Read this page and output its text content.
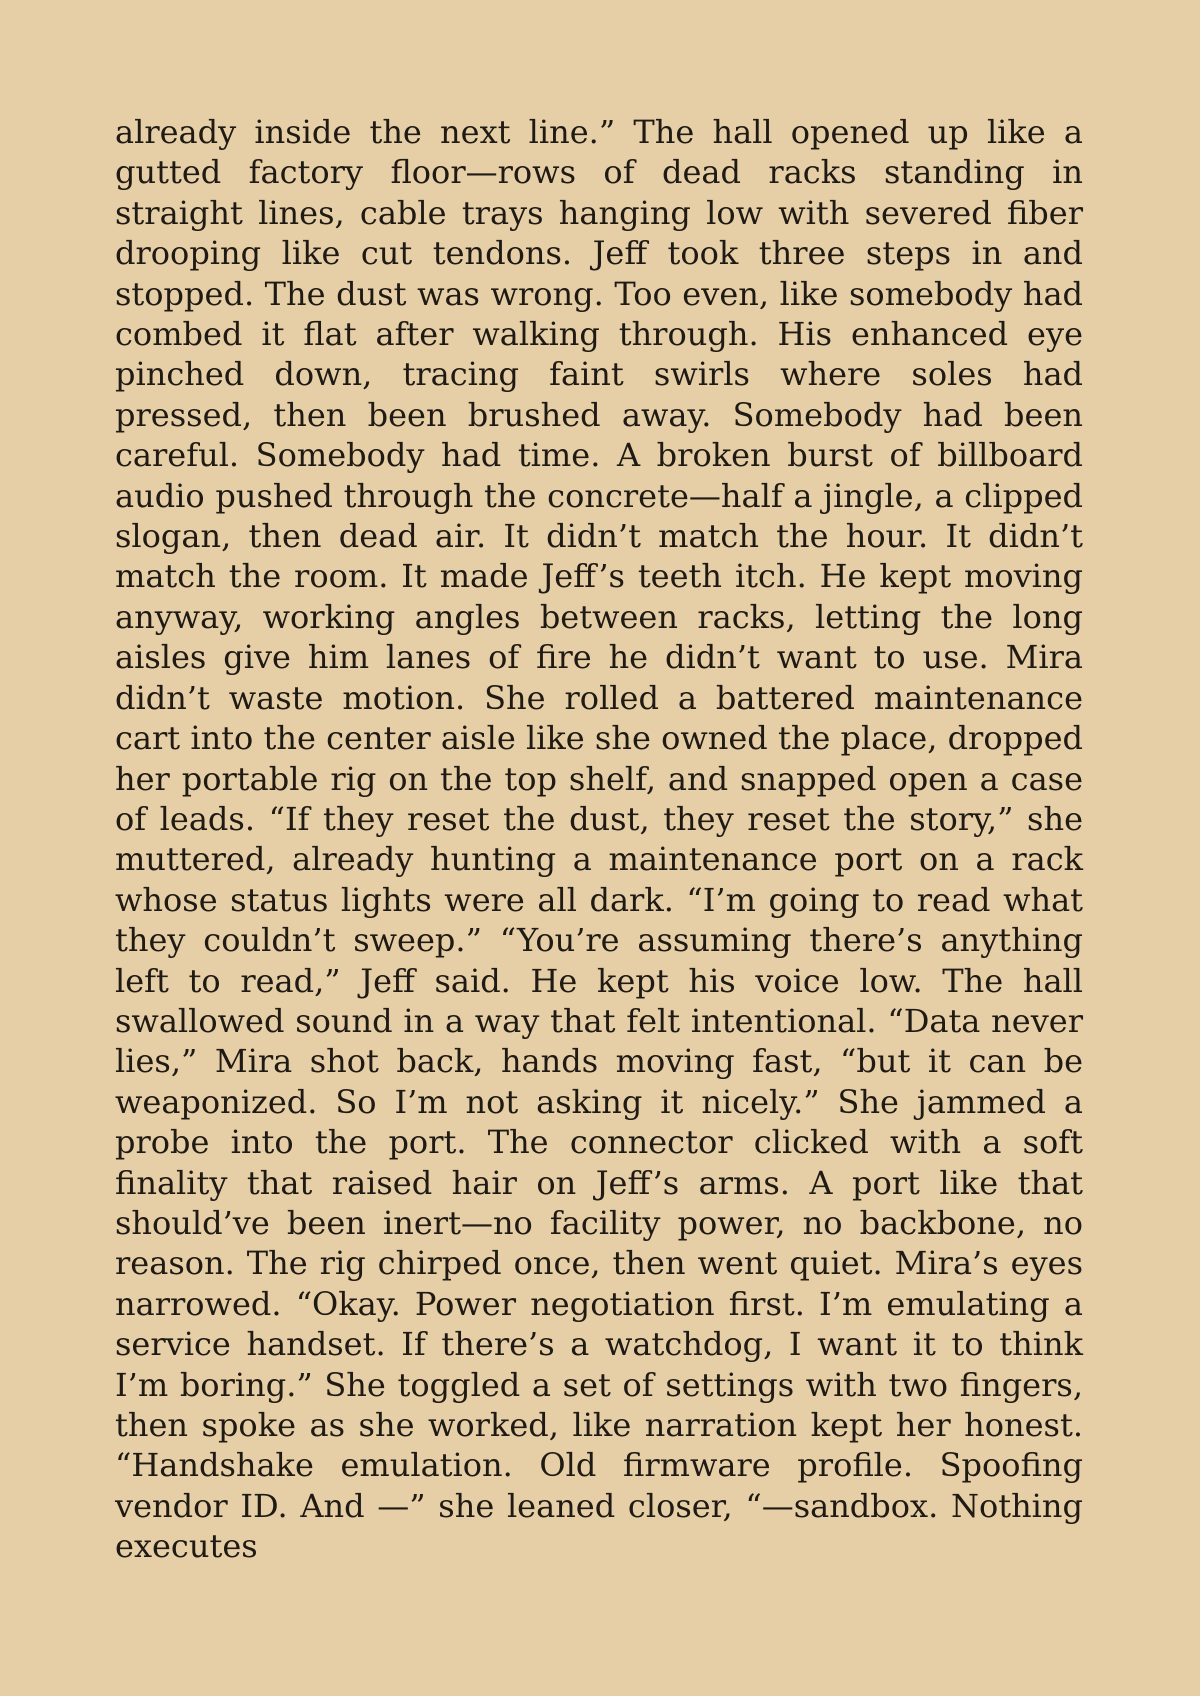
already inside the next line.” The hall opened up like a gutted factory floor—rows of dead racks standing in straight lines, cable trays hanging low with severed fiber drooping like cut tendons. Jeff took three steps in and stopped. The dust was wrong. Too even, like somebody had combed it flat after walking through. His enhanced eye pinched down, tracing faint swirls where soles had pressed, then been brushed away. Somebody had been careful. Somebody had time. A broken burst of billboard audio pushed through the concrete—half a jingle, a clipped slogan, then dead air. It didn’t match the hour. It didn’t match the room. It made Jeff’s teeth itch. He kept moving anyway, working angles between racks, letting the long aisles give him lanes of fire he didn’t want to use. Mira didn’t waste motion. She rolled a battered maintenance cart into the center aisle like she owned the place, dropped her portable rig on the top shelf, and snapped open a case of leads. “If they reset the dust, they reset the story,” she muttered, already hunting a maintenance port on a rack whose status lights were all dark. “I’m going to read what they couldn’t sweep.” “You’re assuming there’s anything left to read,” Jeff said. He kept his voice low. The hall swallowed sound in a way that felt intentional. “Data never lies,” Mira shot back, hands moving fast, “but it can be weaponized. So I’m not asking it nicely.” She jammed a probe into the port. The connector clicked with a soft finality that raised hair on Jeff’s arms. A port like that should’ve been inert—no facility power, no backbone, no reason. The rig chirped once, then went quiet. Mira’s eyes narrowed. “Okay. Power negotiation first. I’m emulating a service handset. If there’s a watchdog, I want it to think I’m boring.” She toggled a set of settings with two fingers, then spoke as she worked, like narration kept her honest. “Handshake emulation. Old firmware profile. Spoofing vendor ID. And —” she leaned closer, “—sandbox. Nothing executes
